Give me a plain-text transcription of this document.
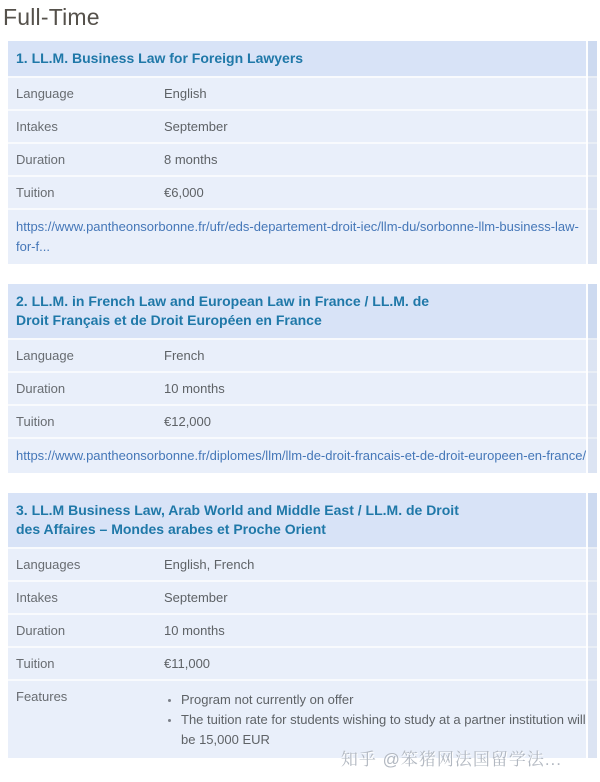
Full-Time
1. LL.M. Business Law for Foreign Lawyers
Language	English
Intakes	September
Duration	8 months
Tuition	€6,000
https://www.pantheonsorbonne.fr/ufr/eds-departement-droit-iec/llm-du/sorbonne-llm-business-law-for-f...
2. LL.M. in French Law and European Law in France / LL.M. de
Droit Français et de Droit Européen en France
Language	French
Duration	10 months
Tuition	€12,000
https://www.pantheonsorbonne.fr/diplomes/llm/llm-de-droit-francais-et-de-droit-europeen-en-france/
3. LL.M Business Law, Arab World and Middle East / LL.M. de Droit
des Affaires – Mondes arabes et Proche Orient
Languages	English, French
Intakes	September
Duration	10 months
Tuition	€11,000
Features	• Program not currently on offer
• The tuition rate for students wishing to study at a partner institution will be 15,000 EUR
知乎 @笨猪网法国留学法...
